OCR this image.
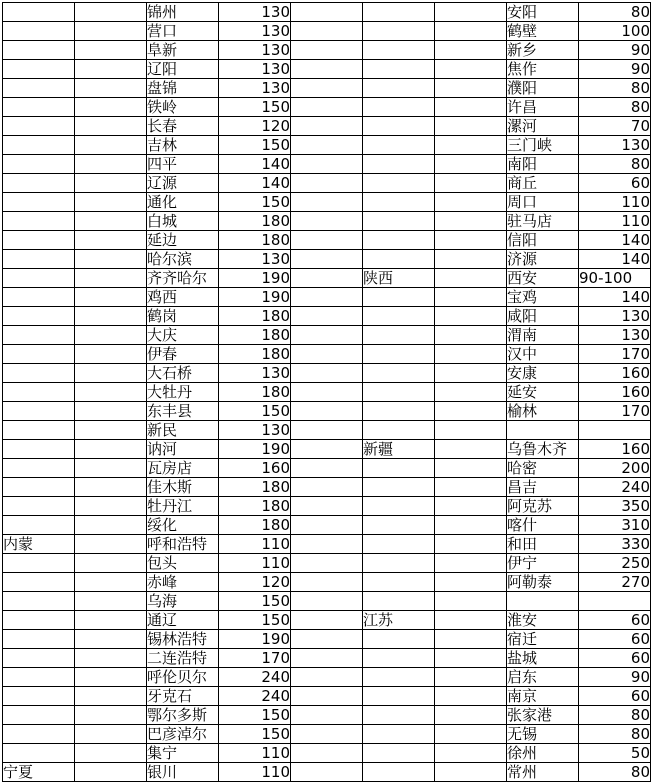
		锦州	130				安阳	80
		营口	130				鹤壁	100
		阜新	130				新乡	90
		辽阳	130				焦作	90
		盘锦	130				濮阳	80
		铁岭	150				许昌	80
		长春	120				漯河	70
		吉林	150				三门峡	130
		四平	140				南阳	80
		辽源	140				商丘	60
		通化	150				周口	110
		白城	180				驻马店	110
		延边	180				信阳	140
		哈尔滨	130				济源	140
		齐齐哈尔	190		陕西		西安	90-100
		鸡西	190				宝鸡	140
		鹤岗	180				咸阳	130
		大庆	180				渭南	130
		伊春	180				汉中	170
		大石桥	130				安康	160
		大牡丹	180				延安	160
		东丰县	150				榆林	170
		新民	130					
		讷河	190		新疆		乌鲁木齐	160
		瓦房店	160				哈密	200
		佳木斯	180				昌吉	240
		牡丹江	180				阿克苏	350
		绥化	180				喀什	310
内蒙		呼和浩特	110				和田	330
		包头	110				伊宁	250
		赤峰	120				阿勒泰	270
		乌海	150					
		通辽	150		江苏		淮安	60
		锡林浩特	190				宿迁	60
		二连浩特	170				盐城	60
		呼伦贝尔	240				启东	90
		牙克石	240				南京	60
		鄂尔多斯	150				张家港	80
		巴彦淖尔	150				无锡	80
		集宁	110				徐州	50
宁夏		银川	110				常州	80
